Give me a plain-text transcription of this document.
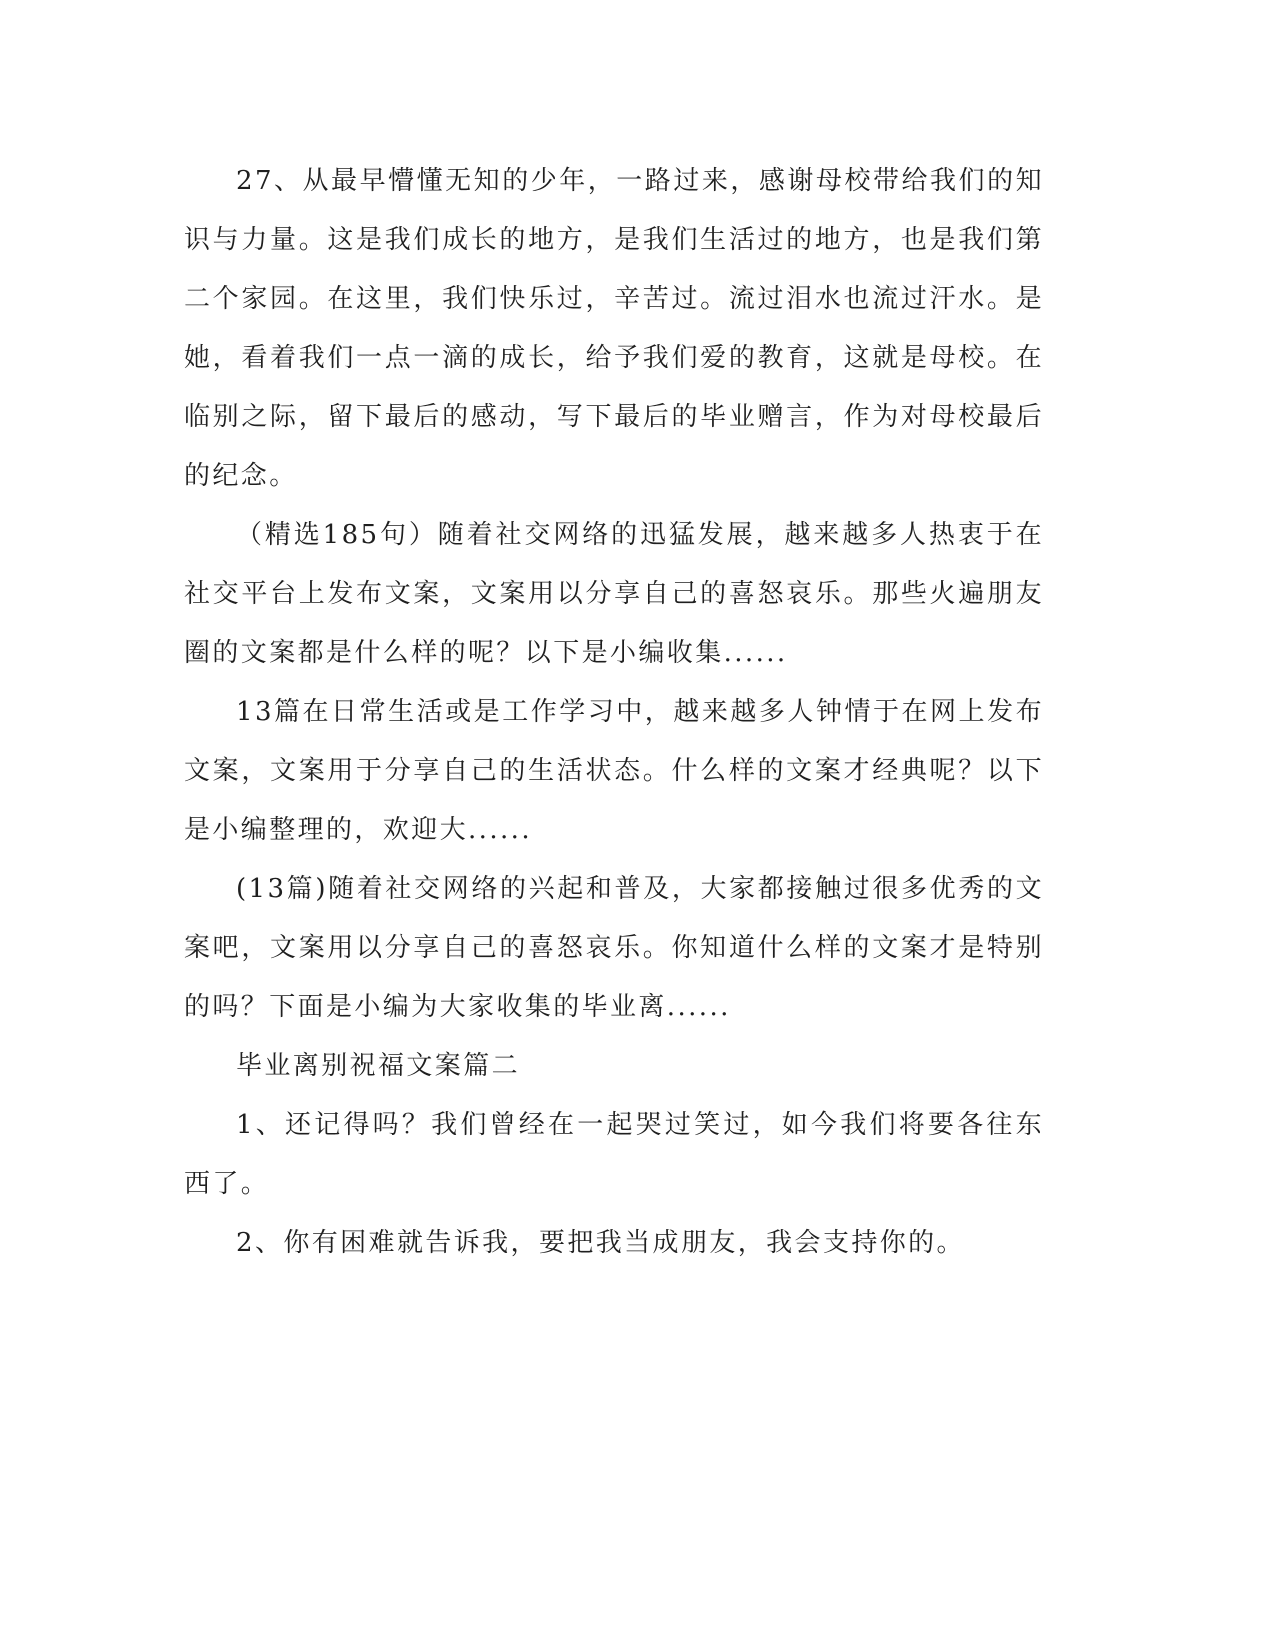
27、从最早懵懂无知的少年，一路过来，感谢母校带给我们的知识与力量。这是我们成长的地方，是我们生活过的地方，也是我们第二个家园。在这里，我们快乐过，辛苦过。流过泪水也流过汗水。是她，看着我们一点一滴的成长，给予我们爱的教育，这就是母校。在临别之际，留下最后的感动，写下最后的毕业赠言，作为对母校最后的纪念。

（精选185句）随着社交网络的迅猛发展，越来越多人热衷于在社交平台上发布文案，文案用以分享自己的喜怒哀乐。那些火遍朋友圈的文案都是什么样的呢？以下是小编收集......

13篇在日常生活或是工作学习中，越来越多人钟情于在网上发布文案，文案用于分享自己的生活状态。什么样的文案才经典呢？以下是小编整理的，欢迎大......

(13篇)随着社交网络的兴起和普及，大家都接触过很多优秀的文案吧，文案用以分享自己的喜怒哀乐。你知道什么样的文案才是特别的吗？下面是小编为大家收集的毕业离......

毕业离别祝福文案篇二

1、还记得吗？我们曾经在一起哭过笑过，如今我们将要各往东西了。

2、你有困难就告诉我，要把我当成朋友，我会支持你的。
